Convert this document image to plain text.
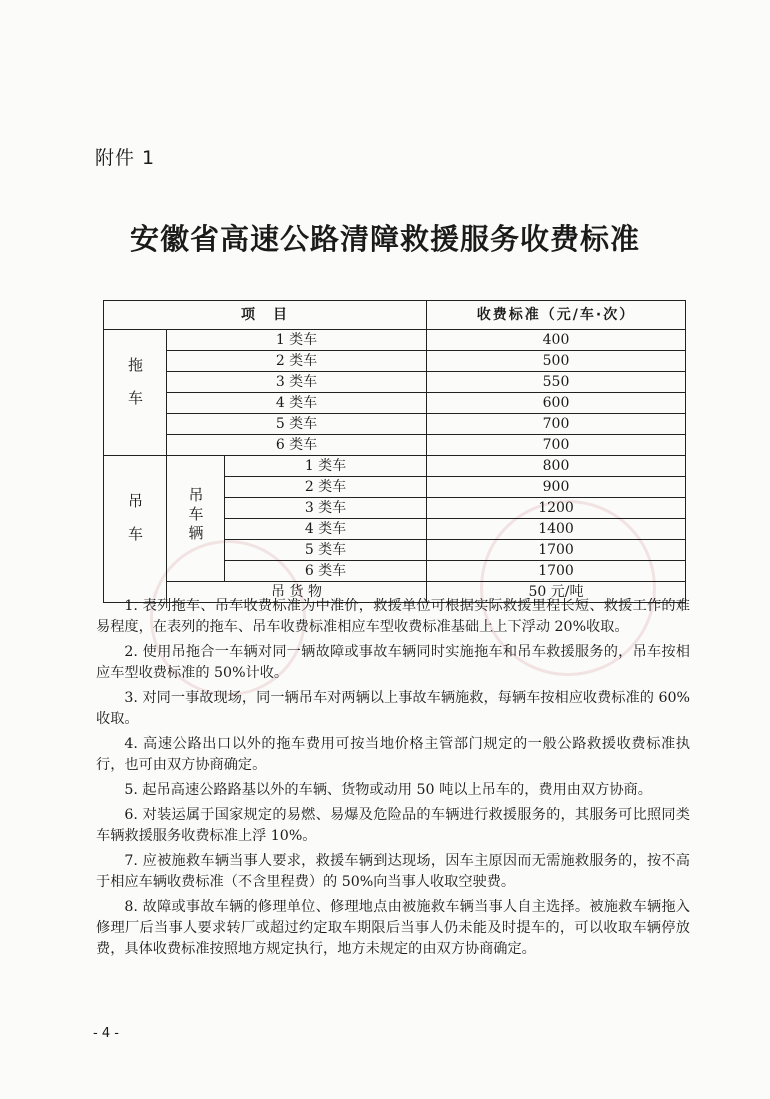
附件 1
安徽省高速公路清障救援服务收费标准
项　目			收费标准（元/车·次）
拖车	1 类车		400
	2 类车		500
	3 类车		550
	4 类车		600
	5 类车		700
	6 类车		700
吊车	吊车辆	1 类车	800
		2 类车	900
		3 类车	1200
		4 类车	1400
		5 类车	1700
		6 类车	1700
	吊 货 物		50 元/吨

1. 表列拖车、吊车收费标准为中准价，救援单位可根据实际救援里程长短、救援工作的难易程度，在表列的拖车、吊车收费标准相应车型收费标准基础上上下浮动 20%收取。

2. 使用吊拖合一车辆对同一辆故障或事故车辆同时实施拖车和吊车救援服务的，吊车按相应车型收费标准的 50%计收。

3. 对同一事故现场，同一辆吊车对两辆以上事故车辆施救，每辆车按相应收费标准的 60%收取。

4. 高速公路出口以外的拖车费用可按当地价格主管部门规定的一般公路救援收费标准执行，也可由双方协商确定。

5. 起吊高速公路路基以外的车辆、货物或动用 50 吨以上吊车的，费用由双方协商。

6. 对装运属于国家规定的易燃、易爆及危险品的车辆进行救援服务的，其服务可比照同类车辆救援服务收费标准上浮 10%。

7. 应被施救车辆当事人要求，救援车辆到达现场，因车主原因而无需施救服务的，按不高于相应车辆收费标准（不含里程费）的 50%向当事人收取空驶费。

8. 故障或事故车辆的修理单位、修理地点由被施救车辆当事人自主选择。被施救车辆拖入修理厂后当事人要求转厂或超过约定取车期限后当事人仍未能及时提车的，可以收取车辆停放费，具体收费标准按照地方规定执行，地方未规定的由双方协商确定。

- 4 -
